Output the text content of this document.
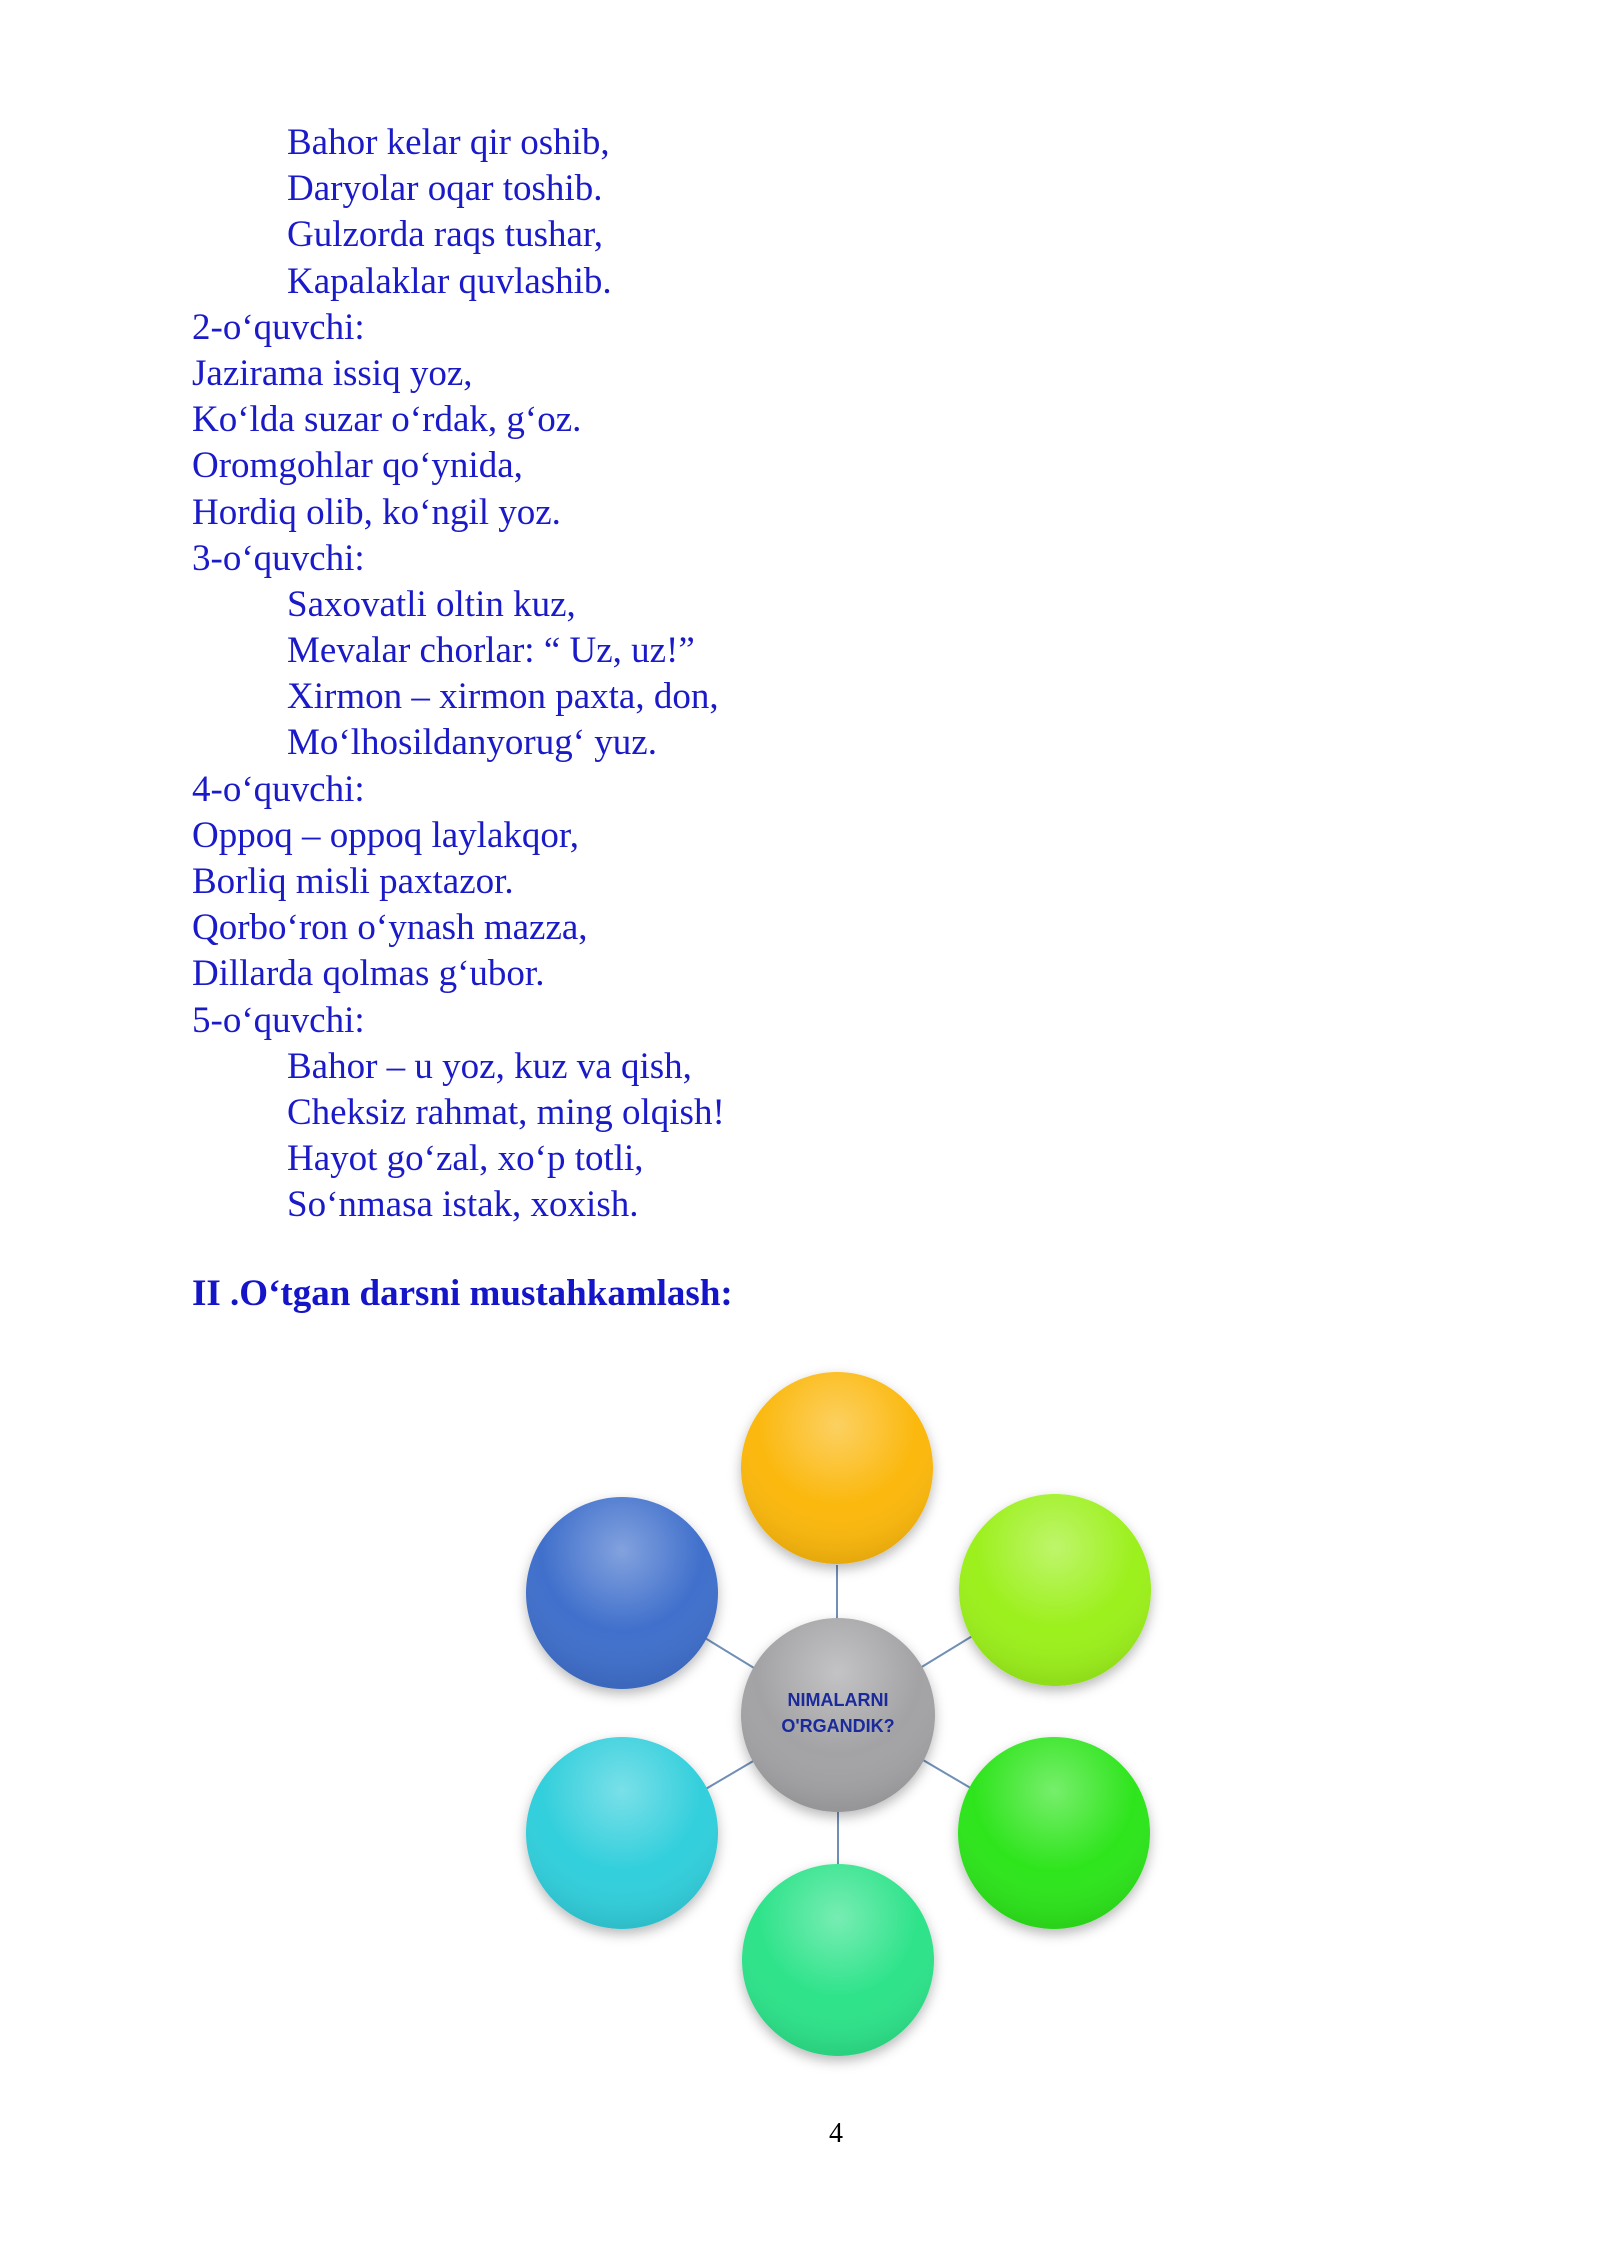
Bahor kelar qir oshib,
Daryolar oqar toshib.
Gulzorda raqs tushar,
Kapalaklar quvlashib.
2-o‘quvchi:
Jazirama issiq yoz,
Ko‘lda suzar o‘rdak, g‘oz.
Oromgohlar qo‘ynida,
Hordiq olib, ko‘ngil yoz.
3-o‘quvchi:
Saxovatli oltin kuz,
Mevalar chorlar: “ Uz, uz!”
Xirmon – xirmon paxta, don,
Mo‘lhosildanyorug‘ yuz.
4-o‘quvchi:
Oppoq – oppoq laylakqor,
Borliq misli paxtazor.
Qorbo‘ron o‘ynash mazza,
Dillarda qolmas g‘ubor.
5-o‘quvchi:
Bahor – u yoz, kuz va qish,
Cheksiz rahmat, ming olqish!
Hayot go‘zal, xo‘p totli,
So‘nmasa istak, xoxish.
II .O‘tgan darsni mustahkamlash:
NIMALARNI
O'RGANDIK?
4
